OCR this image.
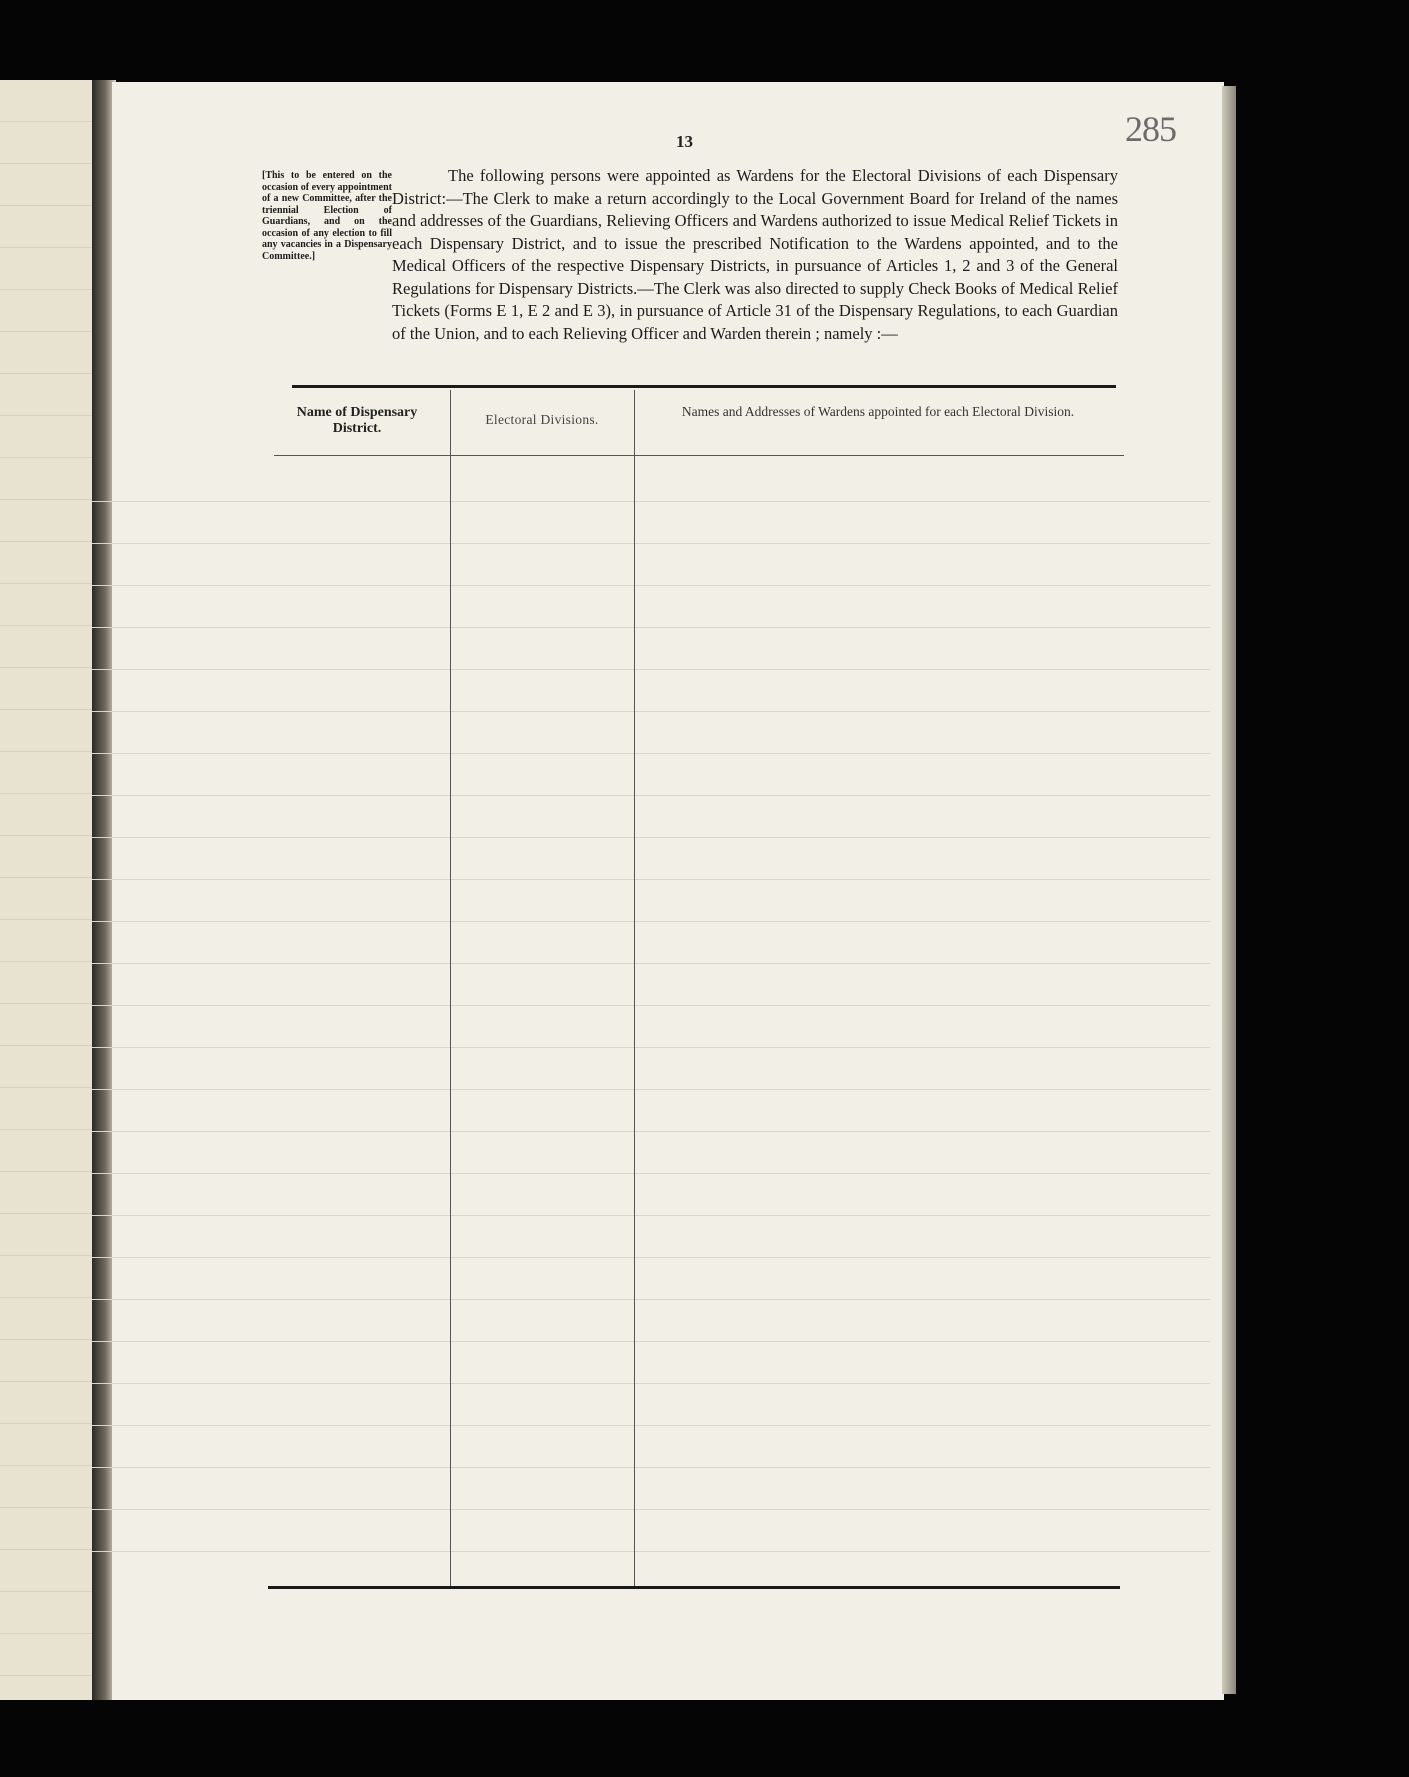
285
13
[This to be entered on the occasion of every appointment of a new Committee, after the triennial Election of Guardians, and on the occasion of any election to fill any vacancies in a Dispensary Committee.]
The following persons were appointed as Wardens for the Electoral Divisions of each Dispensary District:—The Clerk to make a return accordingly to the Local Government Board for Ireland of the names and addresses of the Guardians, Relieving Officers and Wardens authorized to issue Medical Relief Tickets in each Dispensary District, and to issue the prescribed Notification to the Wardens appointed, and to the Medical Officers of the respective Dispensary Districts, in pursuance of Articles 1, 2 and 3 of the General Regulations for Dispensary Districts.—The Clerk was also directed to supply Check Books of Medical Relief Tickets (Forms E 1, E 2 and E 3), in pursuance of Article 31 of the Dispensary Regulations, to each Guardian of the Union, and to each Relieving Officer and Warden therein ; namely :—
Name of Dispensary District.
Electoral Divisions.
Names and Addresses of Wardens appointed for each Electoral Division.
